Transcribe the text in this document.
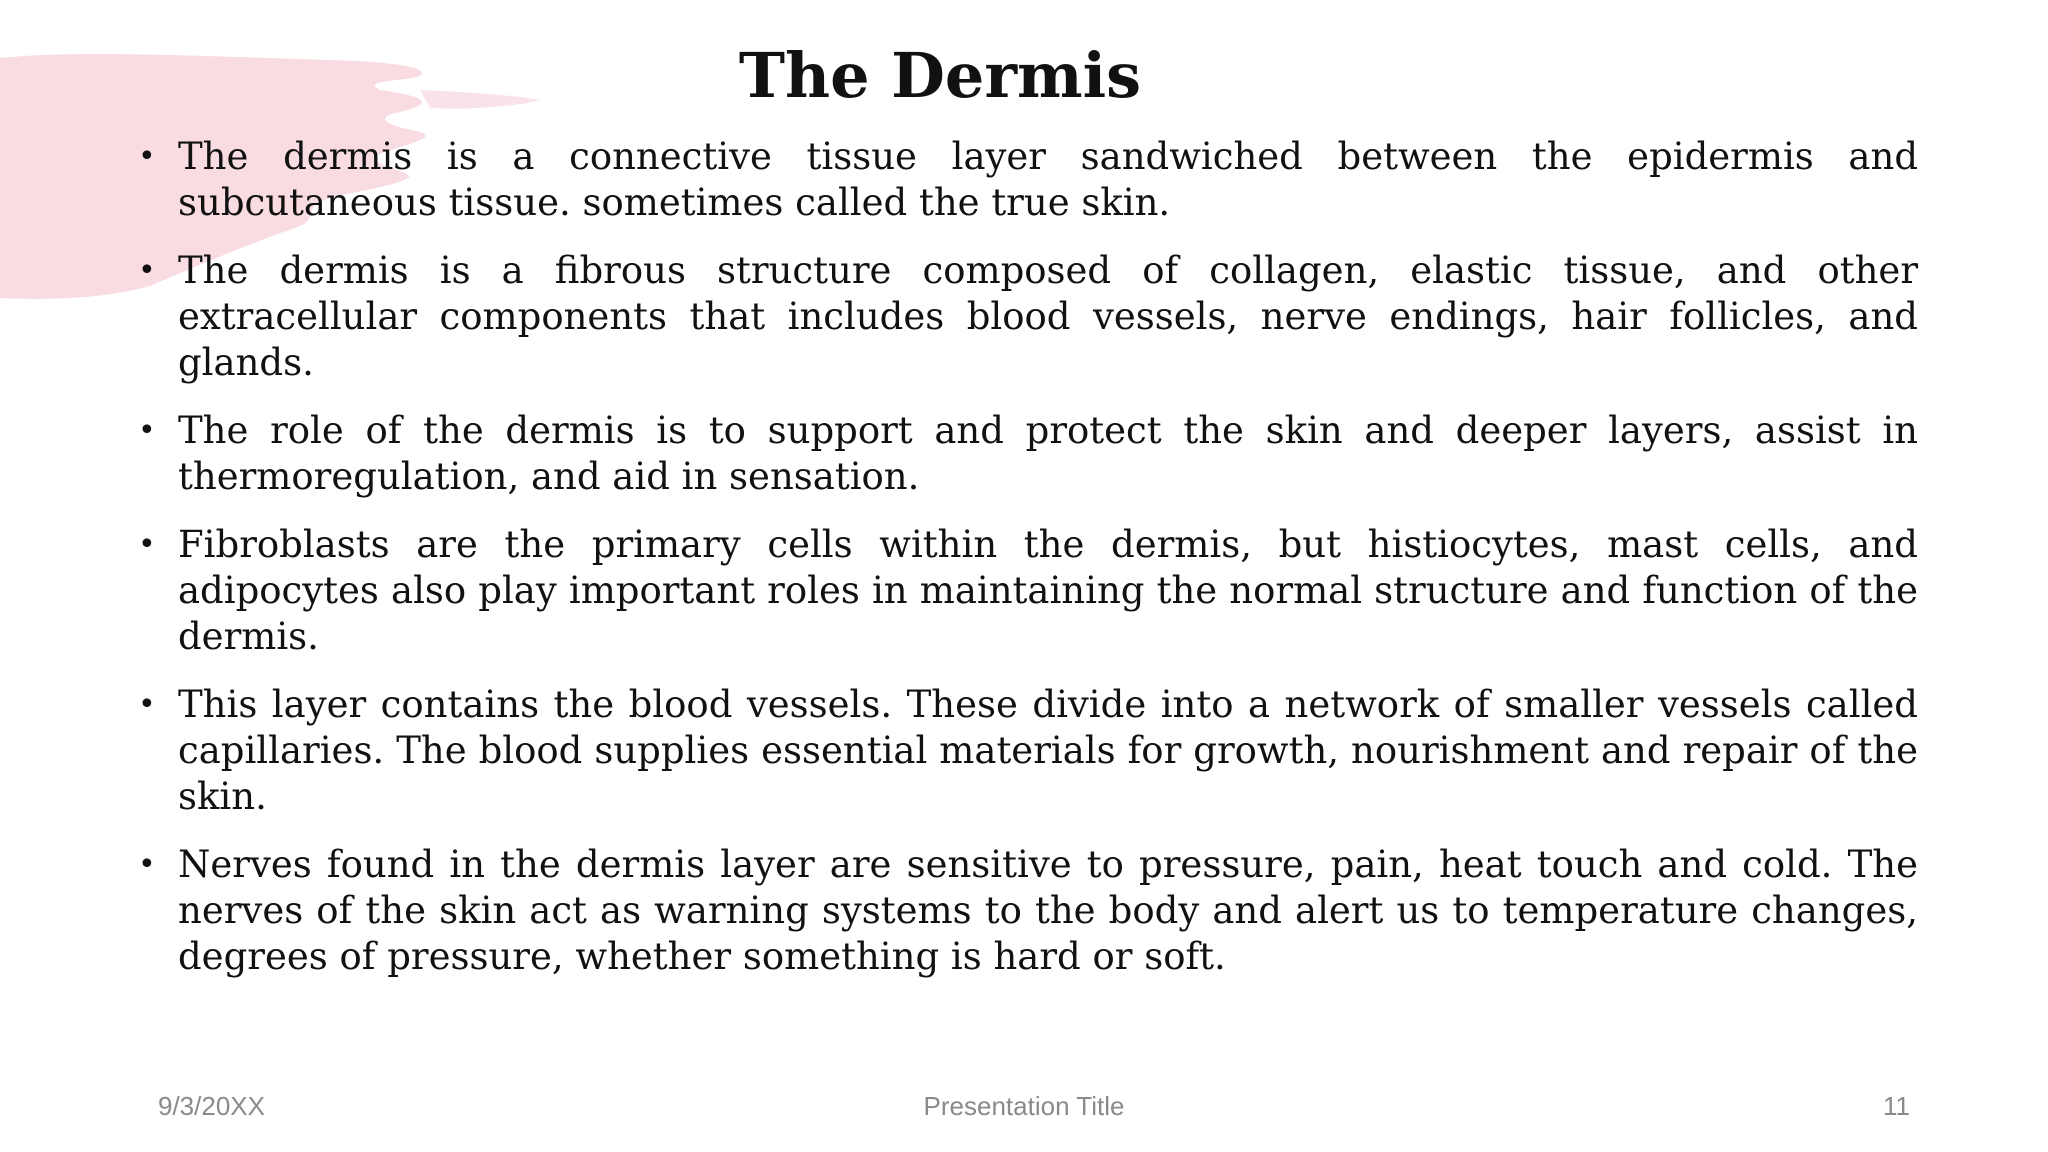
The Dermis
• The dermis is a connective tissue layer sandwiched between the epidermis and subcutaneous tissue. sometimes called the true skin.
• The dermis is a fibrous structure composed of collagen, elastic tissue, and other extracellular components that includes blood vessels, nerve endings, hair follicles, and glands.
• The role of the dermis is to support and protect the skin and deeper layers, assist in thermoregulation, and aid in sensation.
• Fibroblasts are the primary cells within the dermis, but histiocytes, mast cells, and adipocytes also play important roles in maintaining the normal structure and function of the dermis.
• This layer contains the blood vessels. These divide into a network of smaller vessels called capillaries. The blood supplies essential materials for growth, nourishment and repair of the skin.
• Nerves found in the dermis layer are sensitive to pressure, pain, heat touch and cold. The nerves of the skin act as warning systems to the body and alert us to temperature changes, degrees of pressure, whether something is hard or soft.
9/3/20XX	Presentation Title	11
